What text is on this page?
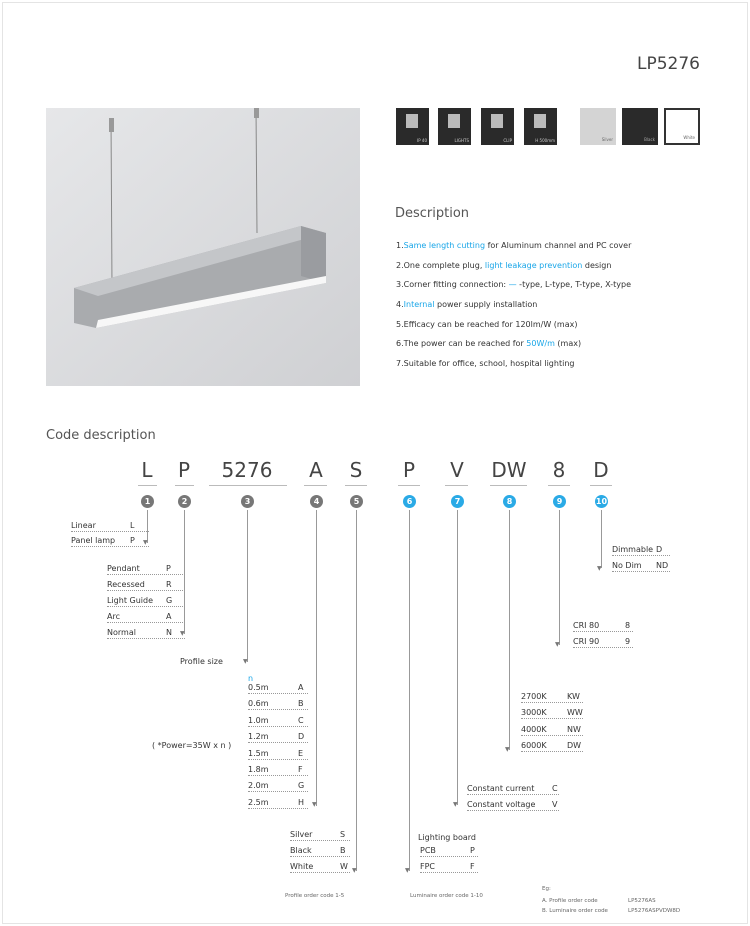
LP5276
IP 40	LIGHTS	CLIP	H 500mm	Silver	Black	White
Description
1.Same length cutting for Aluminum channel and PC cover
2.One complete plug, light leakage prevention design
3.Corner fitting connection: — -type, L-type, T-type, X-type
4.Internal power supply installation
5.Efficacy can be reached for 120lm/W (max)
6.The power can be reached for 50W/m (max)
7.Suitable for office, school, hospital lighting
Code description
L
1
P
2
5276
3
A
4
S
5
P
6
V
7
DW
8
8
9
D
10
▼
Linear	L
Panel lamp P
▼
Pendant	P
Recessed	R
Light Guide G
Arc	A
Normal	N
▼
Profile size
n
▼
0.5m	A
0.6m	B
1.0m	C
1.2m	D
1.5m	E
1.8m	F
2.0m	G
2.5m	H
( *Power=35W x n )
▼
Silver	S
Black	B
White	W	▼
Lighting board
PCB	P
FPC	F
▼
Constant current C
Constant voltage V
▼
2700K	KW
3000K	WW
4000K	NW
6000K	DW
▼
CRI 80	8
CRI 90	9
▼
Dimmable D
No Dim ND
Profile order code 1-5	Luminaire order code 1-10
Eg:
A. Profile order code	LP5276AS
B. Luminaire order code	LP5276ASPVDW8D
